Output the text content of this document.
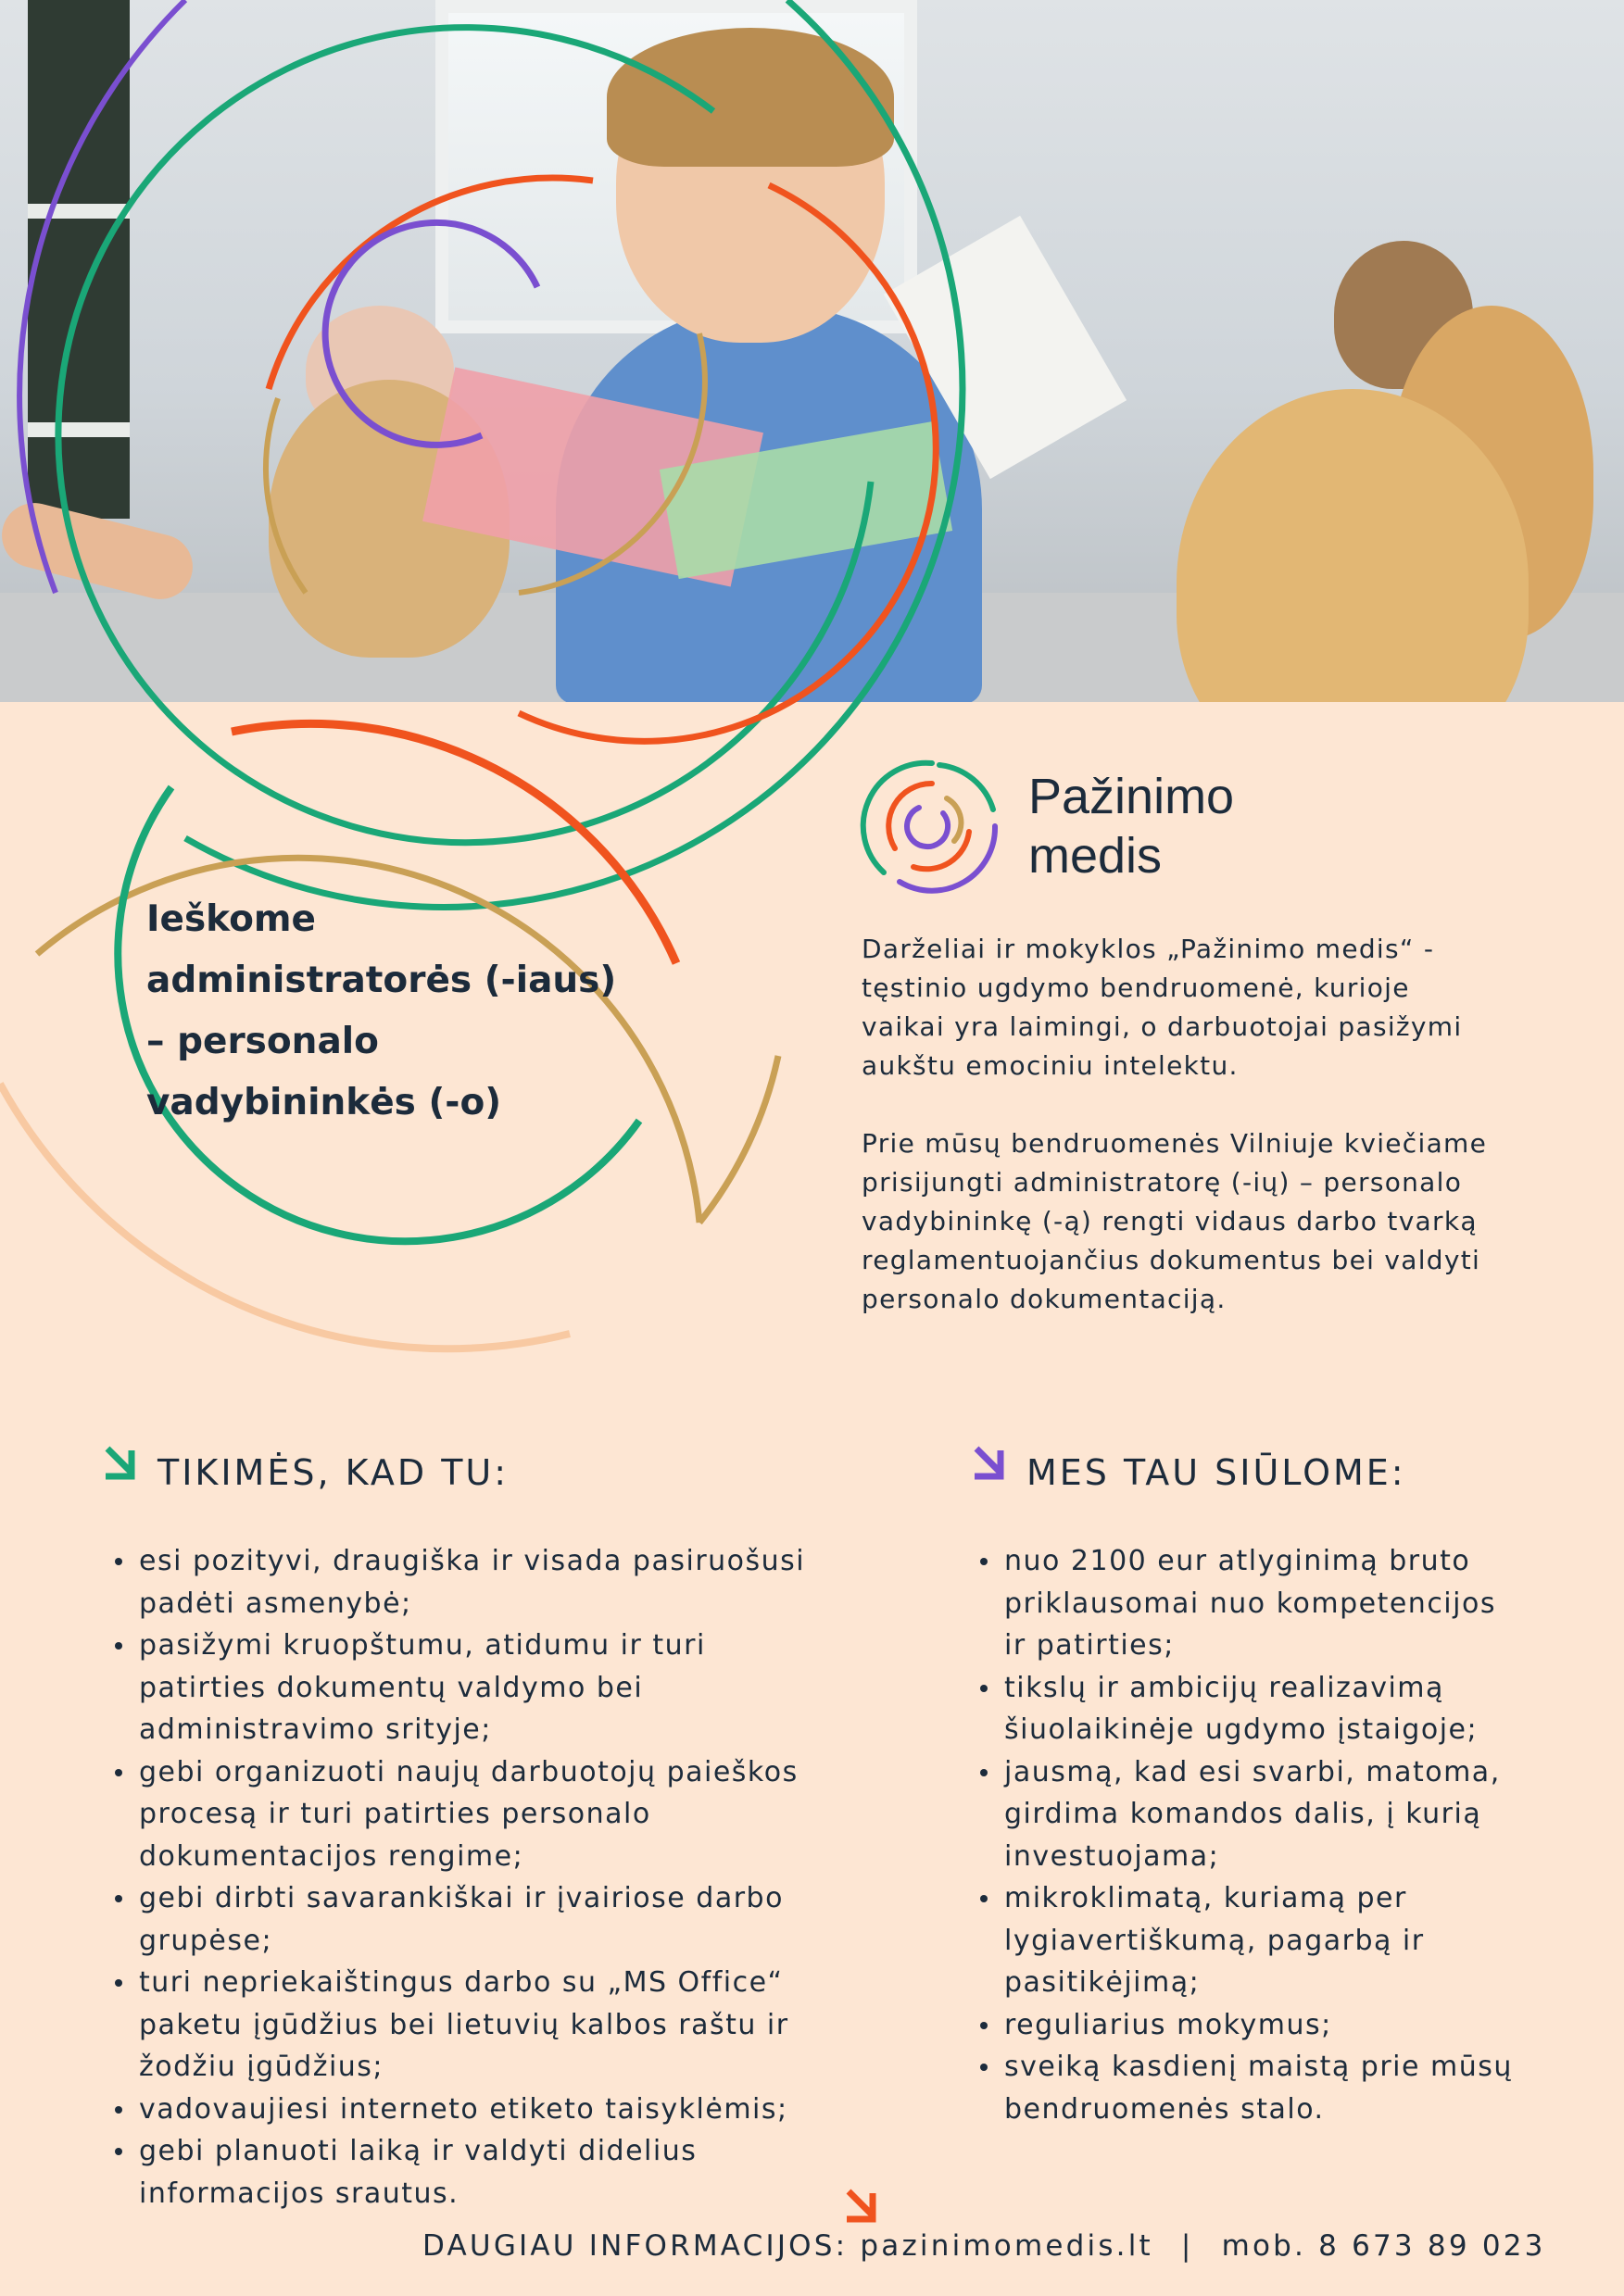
Pažinimo
medis
Ieškome
administratorės (-iaus)
– personalo
vadybininkės (-o)

Darželiai ir mokyklos „Pažinimo medis“ -
tęstinio ugdymo bendruomenė, kurioje
vaikai yra laimingi, o darbuotojai pasižymi
aukštu emociniu intelektu.

Prie mūsų bendruomenės Vilniuje kviečiame
prisijungti administratorę (-ių) – personalo
vadybininkę (-ą) rengti vidaus darbo tvarką
reglamentuojančius dokumentus bei valdyti
personalo dokumentaciją.

TIKIMĖS, KAD TU:
esi pozityvi, draugiška ir visada pasiruošusi
padėti asmenybė;
pasižymi kruopštumu, atidumu ir turi
patirties dokumentų valdymo bei
administravimo srityje;
gebi organizuoti naujų darbuotojų paieškos
procesą ir turi patirties personalo
dokumentacijos rengime;
gebi dirbti savarankiškai ir įvairiose darbo
grupėse;
turi nepriekaištingus darbo su „MS Office“
paketu įgūdžius bei lietuvių kalbos raštu ir
žodžiu įgūdžius;
vadovaujiesi interneto etiketo taisyklėmis;
gebi planuoti laiką ir valdyti didelius
informacijos srautus.
MES TAU SIŪLOME:
nuo 2100 eur atlyginimą bruto
priklausomai nuo kompetencijos
ir patirties;
tikslų ir ambicijų realizavimą
šiuolaikinėje ugdymo įstaigoje;
jausmą, kad esi svarbi, matoma,
girdima komandos dalis, į kurią
investuojama;
mikroklimatą, kuriamą per
lygiavertiškumą, pagarbą ir
pasitikėjimą;
reguliarius mokymus;
sveiką kasdienį maistą prie mūsų
bendruomenės stalo.
DAUGIAU INFORMACIJOS: pazinimomedis.lt | mob. 8 673 89 023
